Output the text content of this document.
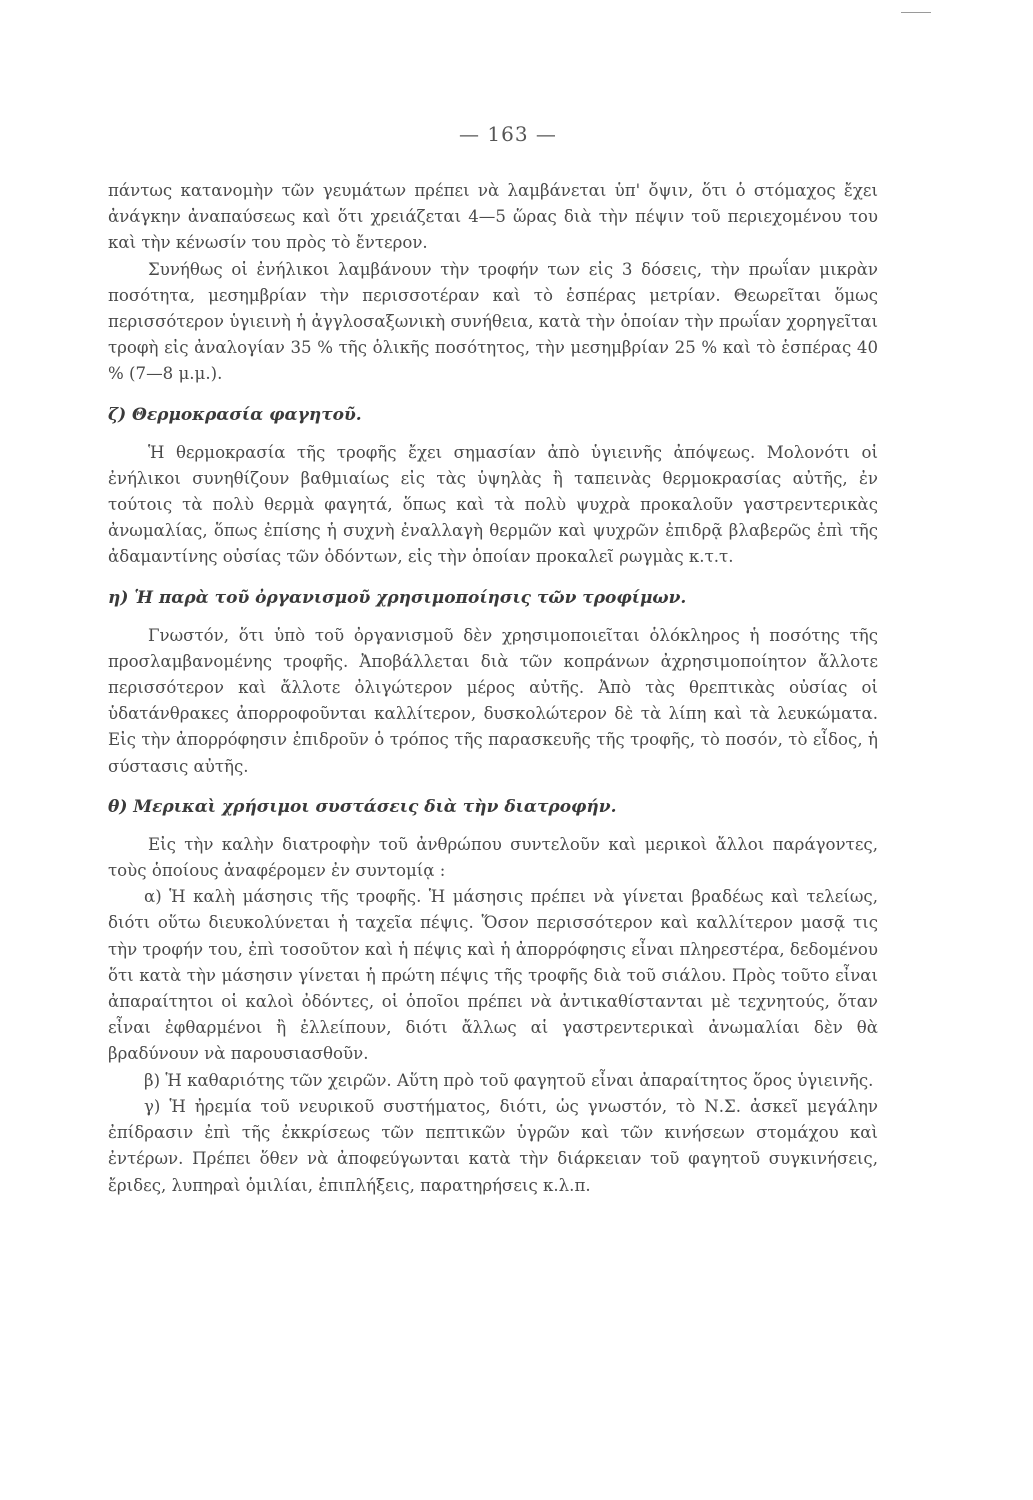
— 163 —

πάντως κατανομὴν τῶν γευμάτων πρέπει νὰ λαμβάνεται ὑπ' ὄψιν, ὅτι ὁ στόμαχος ἔχει ἀνάγκην ἀναπαύσεως καὶ ὅτι χρειάζεται 4—5 ὥρας διὰ τὴν πέψιν τοῦ περιεχομένου του καὶ τὴν κένωσίν του πρὸς τὸ ἔντερον.

Συνήθως οἱ ἐνήλικοι λαμβάνουν τὴν τροφήν των εἰς 3 δόσεις, τὴν πρωΐαν μικρὰν ποσότητα, μεσημβρίαν τὴν περισσοτέραν καὶ τὸ ἑσπέρας μετρίαν. Θεωρεῖται ὅμως περισσότερον ὑγιεινὴ ἡ ἀγγλοσαξωνικὴ συνήθεια, κατὰ τὴν ὁποίαν τὴν πρωΐαν χορηγεῖται τροφὴ εἰς ἀναλογίαν 35 % τῆς ὁλικῆς ποσότητος, τὴν μεσημβρίαν 25 % καὶ τὸ ἑσπέρας 40 % (7—8 μ.μ.).

ζ) Θερμοκρασία φαγητοῦ.

Ἡ θερμοκρασία τῆς τροφῆς ἔχει σημασίαν ἀπὸ ὑγιεινῆς ἀπόψεως. Μολονότι οἱ ἐνήλικοι συνηθίζουν βαθμιαίως εἰς τὰς ὑψηλὰς ἢ ταπεινὰς θερμοκρασίας αὐτῆς, ἐν τούτοις τὰ πολὺ θερμὰ φαγητά, ὅπως καὶ τὰ πολὺ ψυχρὰ προκαλοῦν γαστρεντερικὰς ἀνωμαλίας, ὅπως ἐπίσης ἡ συχνὴ ἐναλλαγὴ θερμῶν καὶ ψυχρῶν ἐπιδρᾷ βλαβερῶς ἐπὶ τῆς ἀδαμαντίνης οὐσίας τῶν ὀδόντων, εἰς τὴν ὁποίαν προκαλεῖ ρωγμὰς κ.τ.τ.

η) Ἡ παρὰ τοῦ ὀργανισμοῦ χρησιμοποίησις τῶν τροφίμων.

Γνωστόν, ὅτι ὑπὸ τοῦ ὀργανισμοῦ δὲν χρησιμοποιεῖται ὁλόκληρος ἡ ποσότης τῆς προσλαμβανομένης τροφῆς. Ἀποβάλλεται διὰ τῶν κοπράνων ἀχρησιμοποίητον ἄλλοτε περισσότερον καὶ ἄλλοτε ὀλιγώτερον μέρος αὐτῆς. Ἀπὸ τὰς θρεπτικὰς οὐσίας οἱ ὑδατάνθρακες ἀπορροφοῦνται καλλίτερον, δυσκολώτερον δὲ τὰ λίπη καὶ τὰ λευκώματα. Εἰς τὴν ἀπορρόφησιν ἐπιδροῦν ὁ τρόπος τῆς παρασκευῆς τῆς τροφῆς, τὸ ποσόν, τὸ εἶδος, ἡ σύστασις αὐτῆς.

θ) Μερικαὶ χρήσιμοι συστάσεις διὰ τὴν διατροφήν.

Εἰς τὴν καλὴν διατροφὴν τοῦ ἀνθρώπου συντελοῦν καὶ μερικοὶ ἄλλοι παράγοντες, τοὺς ὁποίους ἀναφέρομεν ἐν συντομίᾳ :

α) Ἡ καλὴ μάσησις τῆς τροφῆς. Ἡ μάσησις πρέπει νὰ γίνεται βραδέως καὶ τελείως, διότι οὕτω διευκολύνεται ἡ ταχεῖα πέψις. Ὅσον περισσότερον καὶ καλλίτερον μασᾷ τις τὴν τροφήν του, ἐπὶ τοσοῦτον καὶ ἡ πέψις καὶ ἡ ἀπορρόφησις εἶναι πληρεστέρα, δεδομένου ὅτι κατὰ τὴν μάσησιν γίνεται ἡ πρώτη πέψις τῆς τροφῆς διὰ τοῦ σιάλου. Πρὸς τοῦτο εἶναι ἀπαραίτητοι οἱ καλοὶ ὀδόντες, οἱ ὁποῖοι πρέπει νὰ ἀντικαθίστανται μὲ τεχνητούς, ὅταν εἶναι ἐφθαρμένοι ἢ ἐλλείπουν, διότι ἄλλως αἱ γαστρεντερικαὶ ἀνωμαλίαι δὲν θὰ βραδύνουν νὰ παρουσιασθοῦν.

β) Ἡ καθαριότης τῶν χειρῶν. Αὕτη πρὸ τοῦ φαγητοῦ εἶναι ἀπαραίτητος ὅρος ὑγιεινῆς.

γ) Ἡ ἠρεμία τοῦ νευρικοῦ συστήματος, διότι, ὡς γνωστόν, τὸ Ν.Σ. ἀσκεῖ μεγάλην ἐπίδρασιν ἐπὶ τῆς ἐκκρίσεως τῶν πεπτικῶν ὑγρῶν καὶ τῶν κινήσεων στομάχου καὶ ἐντέρων. Πρέπει ὅθεν νὰ ἀποφεύγωνται κατὰ τὴν διάρκειαν τοῦ φαγητοῦ συγκινήσεις, ἔριδες, λυπηραὶ ὁμιλίαι, ἐπιπλήξεις, παρατηρήσεις κ.λ.π.
